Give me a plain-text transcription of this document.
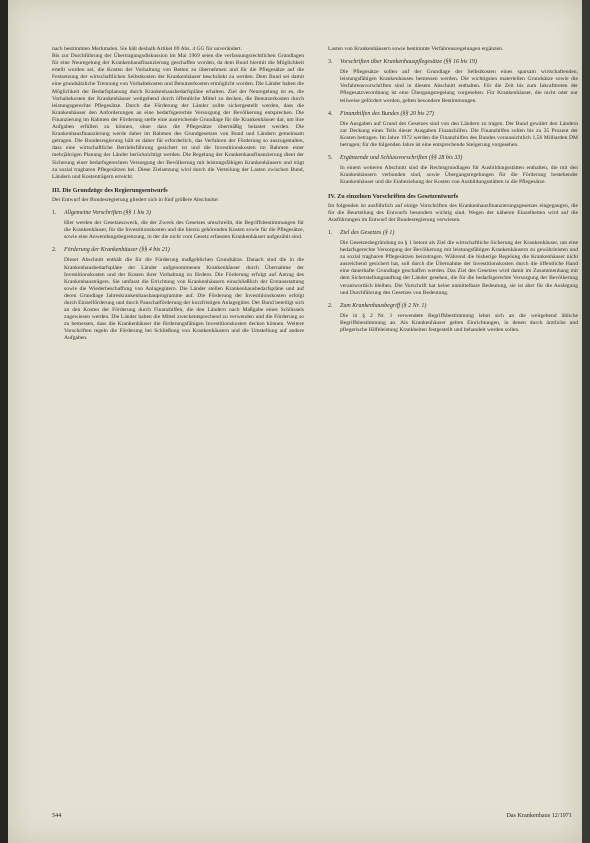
nach bestimmten Merkmalen. Sie hält deshalb Artikel 69 Abs. 4 GG für unverändert.
Bis zur Durchführung der Übertragungsdiskussion im Mai 1969 seien die verfassungsrechtlichen Grundlagen für eine Neuregelung der Krankenhausfinanzierung geschaffen worden, da dem Bund hiermit die Möglichkeit erteilt worden sei, die Kosten der Vorhaltung von Betten zu übernehmen und für die Pflegesätze auf die Festsetzung der wirtschaftlichen Selbstkosten der Krankenhäuser beschränkt zu werden. Dem Bund sei damit eine grundsätzliche Trennung von Vorhaltekosten und Benutzerkosten ermöglicht worden. Die Länder haben die Möglichkeit der Bedarfsplanung durch Krankenhausbedarfspläne erhalten. Ziel der Neuregelung ist es, die Vorhaltekosten der Krankenhäuser weitgehend durch öffentliche Mittel zu decken, die Benutzerkosten durch leistungsgerechte Pflegesätze. Durch die Förderung der Länder sollte sichergestellt werden, dass die Krankenhäuser den Anforderungen an eine bedarfsgerechte Versorgung der Bevölkerung entsprechen. Die Finanzierung im Rahmen der Förderung stelle eine ausreichende Grundlage für die Krankenhäuser dar, um ihre Aufgaben erfüllen zu können, ohne dass die Pflegesätze übermäßig belastet werden. Die Krankenhausfinanzierung werde daher im Rahmen des Grundgesetzes von Bund und Ländern gemeinsam getragen. Die Bundesregierung hält es daher für erforderlich, das Verfahren der Förderung so auszugestalten, dass eine wirtschaftliche Betriebsführung gesichert ist und die Investitionskosten im Rahmen einer mehrjährigen Planung der Länder berücksichtigt werden. Die Regelung der Krankenhausfinanzierung dient der Sicherung einer bedarfsgerechten Versorgung der Bevölkerung mit leistungsfähigen Krankenhäusern und trägt zu sozial tragbaren Pflegesätzen bei. Diese Zielsetzung wird durch die Verteilung der Lasten zwischen Bund, Ländern und Kostenträgern erreicht.
III. Die Grundzüge des Regierungsentwurfs
Der Entwurf der Bundesregierung gliedert sich in fünf größere Abschnitte:
1. Allgemeine Vorschriften (§§ 1 bis 3)
Hier werden der Gesetzeszweck, die der Zweck des Gesetzes umschreibt, die Begriffsbestimmungen für die Krankenhäuser, für die Investitionskosten und die hierzu gehörenden Kosten sowie für die Pflegesätze, sowie eine Anwendungsbegrenzung, in der die nicht vom Gesetz erfassten Krankenhäuser aufgezählt sind.
2. Förderung der Krankenhäuser (§§ 4 bis 21)
Dieser Abschnitt enthält die für die Förderung maßgeblichen Grundsätze. Danach sind die in die Krankenhausbedarfspläne der Länder aufgenommenen Krankenhäuser durch Übernahme der Investitionskosten und der Kosten ihrer Vorhaltung zu fördern. Die Förderung erfolgt auf Antrag des Krankenhausträgers. Sie umfasst die Errichtung von Krankenhäusern einschließlich der Erstausstattung sowie die Wiederbeschaffung von Anlagegütern. Die Länder stellen Krankenhausbedarfspläne und auf deren Grundlage Jahreskrankenhausbauprogramme auf. Die Förderung der Investitionskosten erfolgt durch Einzelförderung und durch Pauschalförderung der kurzfristigen Anlagegüter. Der Bund beteiligt sich an den Kosten der Förderung durch Finanzhilfen, die den Ländern nach Maßgabe eines Schlüssels zugewiesen werden. Die Länder haben die Mittel zweckentsprechend zu verwenden und die Förderung so zu bemessen, dass die Krankenhäuser die förderungsfähigen Investitionskosten decken können. Weitere Vorschriften regeln die Förderung bei Schließung von Krankenhäusern und die Umstellung auf andere Aufgaben.
Lasten von Krankenhäusern sowie bestimmte Verfahrensregelungen ergänzen.
3. Vorschriften über Krankenhauspflegesätze (§§ 16 bis 19)
Die Pflegesätze sollen auf der Grundlage der Selbstkosten eines sparsam wirtschaftenden, leistungsfähigen Krankenhauses bemessen werden. Die wichtigsten materiellen Grundsätze sowie die Verfahrensvorschriften sind in diesem Abschnitt enthalten. Für die Zeit bis zum Inkrafttreten der Pflegesatzverordnung ist eine Übergangsregelung vorgesehen. Für Krankenhäuser, die nicht oder nur teilweise gefördert werden, gelten besondere Bestimmungen.
4. Finanzhilfen des Bundes (§§ 20 bis 27)
Die Ausgaben auf Grund des Gesetzes sind von den Ländern zu tragen. Der Bund gewährt den Ländern zur Deckung eines Teils dieser Ausgaben Finanzhilfen. Die Finanzhilfen sollen bis zu 35 Prozent der Kosten betragen. Im Jahre 1972 werden die Finanzhilfen des Bundes voraussichtlich 1,56 Milliarden DM betragen; für die folgenden Jahre ist eine entsprechende Steigerung vorgesehen.
5. Ergänzende und Schlussvorschriften (§§ 28 bis 33)
In einem weiteren Abschnitt sind die Rechtsgrundlagen für Ausbildungsstätten enthalten, die mit den Krankenhäusern verbunden sind, sowie Übergangsregelungen für die Förderung bestehender Krankenhäuser und die Einbeziehung der Kosten von Ausbildungsstätten in die Pflegesätze.
IV. Zu einzelnen Vorschriften des Gesetzentwurfs
Im folgenden ist ausführlich auf einige Vorschriften des Krankenhausfinanzierungsgesetzes eingegangen, die für die Beurteilung des Entwurfs besonders wichtig sind. Wegen der näheren Einzelheiten wird auf die Ausführungen im Entwurf der Bundesregierung verwiesen.
1. Ziel des Gesetzes (§ 1)
Die Gesetzesbegründung zu § 1 betont als Ziel die wirtschaftliche Sicherung der Krankenhäuser, um eine bedarfsgerechte Versorgung der Bevölkerung mit leistungsfähigen Krankenhäusern zu gewährleisten und zu sozial tragbaren Pflegesätzen beizutragen. Während die bisherige Regelung die Krankenhäuser nicht ausreichend gesichert hat, soll durch die Übernahme der Investitionskosten durch die öffentliche Hand eine dauerhafte Grundlage geschaffen werden. Das Ziel des Gesetzes wird damit im Zusammenhang mit dem Sicherstellungsauftrag der Länder gesehen, die für die bedarfsgerechte Versorgung der Bevölkerung verantwortlich bleiben. Die Vorschrift hat keine unmittelbare Bedeutung, sie ist aber für die Auslegung und Durchführung des Gesetzes von Bedeutung.
2. Zum Krankenhausbegriff (§ 2 Nr. 1)
Die in § 2 Nr. 1 verwendete Begriffsbestimmung lehnt sich an die weitgehend übliche Begriffsbestimmung an. Als Krankenhäuser gelten Einrichtungen, in denen durch ärztliche und pflegerische Hilfeleistung Krankheiten festgestellt und behandelt werden sollen.
544	Das Krankenhaus 12/1971
